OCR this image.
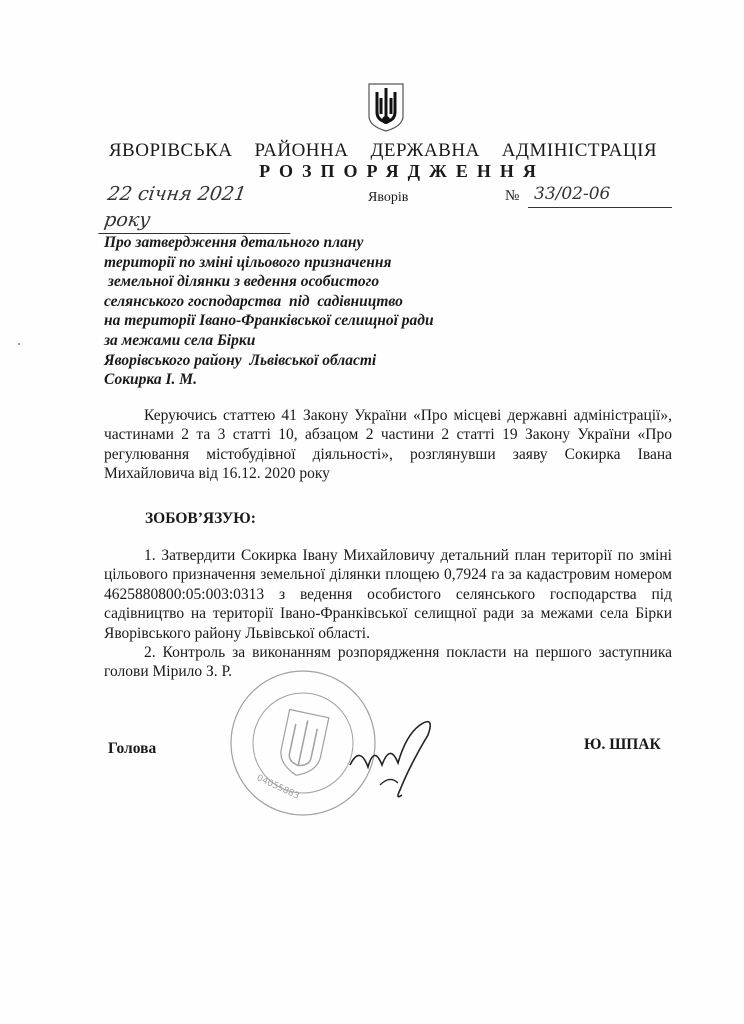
ЯВОРІВСЬКА РАЙОННА ДЕРЖАВНА АДМІНІСТРАЦІЯ
РОЗПОРЯДЖЕННЯ
22 січня 2021 року
Яворів	№ 33/02-06
Про затвердження детального плану
території по зміні цільового призначення
земельної ділянки з ведення особистого
селянського господарства  під  садівництво
на території Івано-Франківської селищної ради
за межами села Бірки
Яворівського району  Львівської області
Сокирка І. М.
Керуючись статтею 41 Закону України «Про місцеві державні адміністрації», частинами 2 та 3 статті 10, абзацом 2 частини 2 статті 19 Закону України «Про регулювання містобудівної діяльності», розглянувши заяву Сокирка Івана Михайловича від 16.12. 2020 року
ЗОБОВ’ЯЗУЮ:
1. Затвердити Сокирка Івану Михайловичу детальний план території по зміні цільового призначення земельної ділянки площею 0,7924 га за кадастровим номером 4625880800:05:003:0313 з ведення особистого селянського господарства під садівництво на території Івано-Франківської селищної ради за межами села Бірки Яворівського району Львівської області.
2. Контроль за виконанням розпорядження покласти на першого заступника голови Мірило З. Р.
04055883
Голова	Ю. ШПАК
